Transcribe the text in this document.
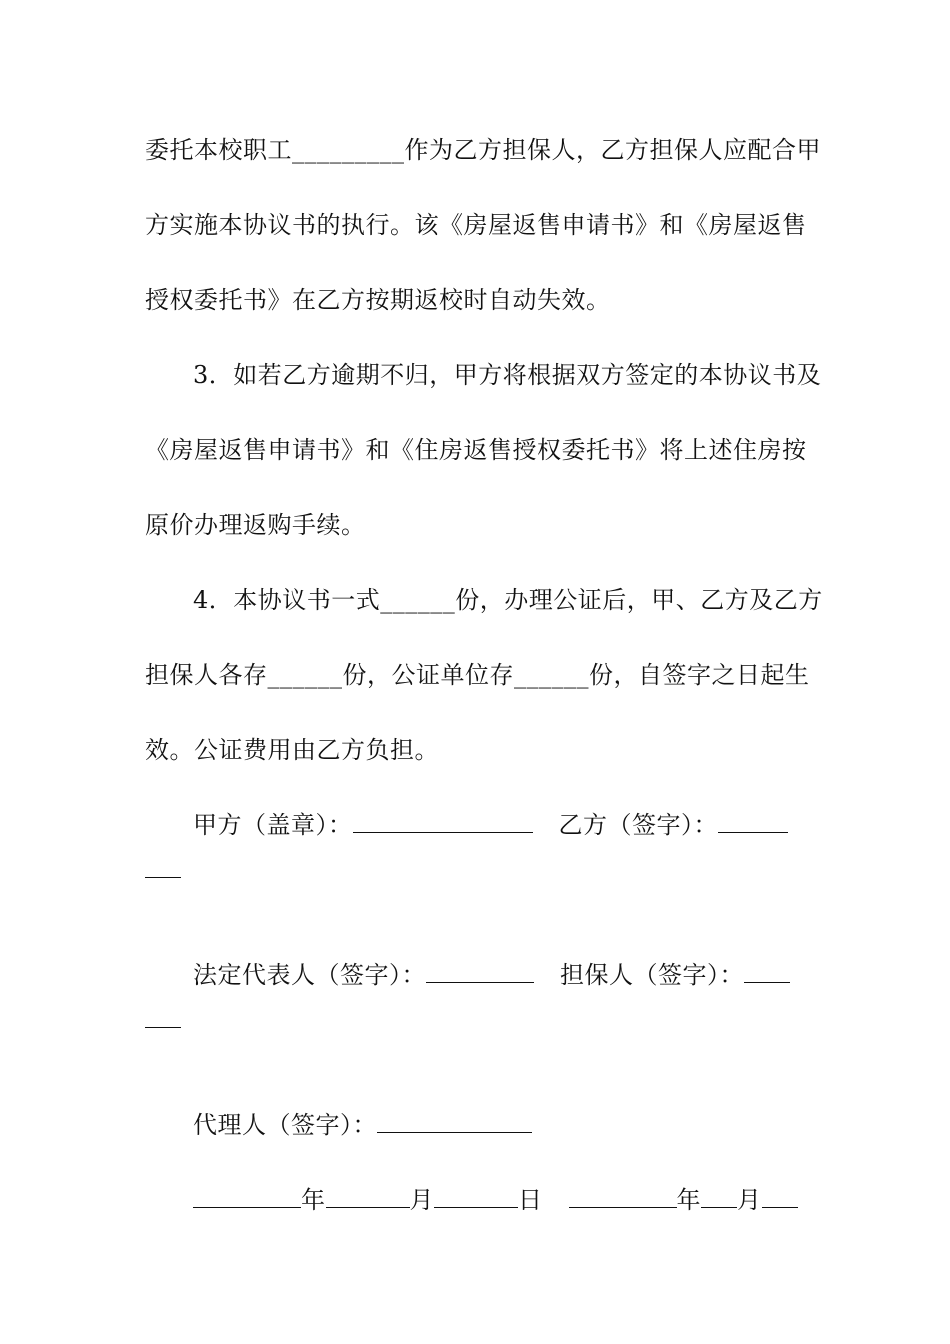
委托本校职工_________作为乙方担保人，乙方担保人应配合甲
方实施本协议书的执行。该《房屋返售申请书》和《房屋返售
授权委托书》在乙方按期返校时自动失效。
3．如若乙方逾期不归，甲方将根据双方签定的本协议书及
《房屋返售申请书》和《住房返售授权委托书》将上述住房按
原价办理返购手续。
4．本协议书一式______份，办理公证后，甲、乙方及乙方
担保人各存______份，公证单位存______份，自签字之日起生
效。公证费用由乙方负担。
甲方（盖章）：	乙方（签字）：
法定代表人（签字）：	担保人（签字）：
代理人（签字）：
年	月	日	年 月
